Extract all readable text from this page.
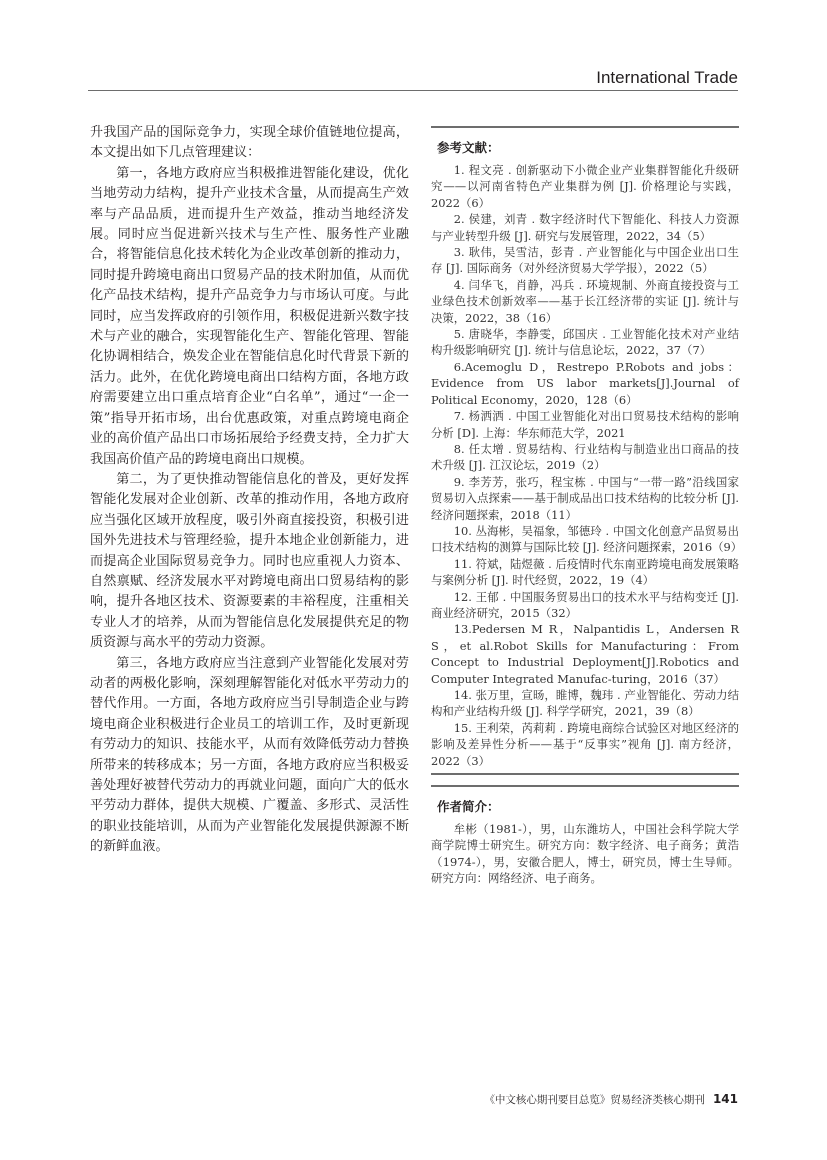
International Trade

升我国产品的国际竞争力，实现全球价值链地位提高，本文提出如下几点管理建议：

第一，各地方政府应当积极推进智能化建设，优化当地劳动力结构，提升产业技术含量，从而提高生产效率与产品品质，进而提升生产效益，推动当地经济发展。同时应当促进新兴技术与生产性、服务性产业融合，将智能信息化技术转化为企业改革创新的推动力，同时提升跨境电商出口贸易产品的技术附加值，从而优化产品技术结构，提升产品竞争力与市场认可度。与此同时，应当发挥政府的引领作用，积极促进新兴数字技术与产业的融合，实现智能化生产、智能化管理、智能化协调相结合，焕发企业在智能信息化时代背景下新的活力。此外，在优化跨境电商出口结构方面，各地方政府需要建立出口重点培育企业“白名单”，通过“一企一策”指导开拓市场，出台优惠政策，对重点跨境电商企业的高价值产品出口市场拓展给予经费支持，全力扩大我国高价值产品的跨境电商出口规模。

第二，为了更快推动智能信息化的普及，更好发挥智能化发展对企业创新、改革的推动作用，各地方政府应当强化区域开放程度，吸引外商直接投资，积极引进国外先进技术与管理经验，提升本地企业创新能力，进而提高企业国际贸易竞争力。同时也应重视人力资本、自然禀赋、经济发展水平对跨境电商出口贸易结构的影响，提升各地区技术、资源要素的丰裕程度，注重相关专业人才的培养，从而为智能信息化发展提供充足的物质资源与高水平的劳动力资源。

第三，各地方政府应当注意到产业智能化发展对劳动者的两极化影响，深刻理解智能化对低水平劳动力的替代作用。一方面，各地方政府应当引导制造企业与跨境电商企业积极进行企业员工的培训工作，及时更新现有劳动力的知识、技能水平，从而有效降低劳动力替换所带来的转移成本；另一方面，各地方政府应当积极妥善处理好被替代劳动力的再就业问题，面向广大的低水平劳动力群体，提供大规模、广覆盖、多形式、灵活性的职业技能培训，从而为产业智能化发展提供源源不断的新鲜血液。

参考文献：

1. 程文亮 . 创新驱动下小微企业产业集群智能化升级研究——以河南省特色产业集群为例 [J]. 价格理论与实践，2022（6）

2. 侯建，刘青 . 数字经济时代下智能化、科技人力资源与产业转型升级 [J]. 研究与发展管理，2022，34（5）

3. 耿伟，吴雪洁，彭青 . 产业智能化与中国企业出口生存 [J]. 国际商务（对外经济贸易大学学报），2022（5）

4. 闫华飞，肖静，冯兵 . 环境规制、外商直接投资与工业绿色技术创新效率——基于长江经济带的实证 [J]. 统计与决策，2022，38（16）

5. 唐晓华，李静雯，邱国庆 . 工业智能化技术对产业结构升级影响研究 [J]. 统计与信息论坛，2022，37（7）

6.Acemoglu D，Restrepo P.Robots and jobs：Evidence from US labor markets[J].Journal of Political Economy，2020，128（6）

7. 杨洒洒 . 中国工业智能化对出口贸易技术结构的影响分析 [D]. 上海：华东师范大学，2021

8. 任太增 . 贸易结构、行业结构与制造业出口商品的技术升级 [J]. 江汉论坛，2019（2）

9. 李芳芳，张巧，程宝栋 . 中国与“一带一路”沿线国家贸易切入点探索——基于制成品出口技术结构的比较分析 [J]. 经济问题探索，2018（11）

10. 丛海彬，吴福象，邹德玲 . 中国文化创意产品贸易出口技术结构的测算与国际比较 [J]. 经济问题探索，2016（9）

11. 符斌，陆煜薇 . 后疫情时代东南亚跨境电商发展策略与案例分析 [J]. 时代经贸，2022，19（4）

12. 王郁 . 中国服务贸易出口的技术水平与结构变迁 [J]. 商业经济研究，2015（32）

13.Pedersen M R，Nalpantidis L，Andersen R S，et al.Robot Skills for Manufacturing：From Concept to Industrial Deployment[J].Robotics and Computer Integrated Manufac-turing，2016（37）

14. 张万里，宣旸，睢博，魏玮 . 产业智能化、劳动力结构和产业结构升级 [J]. 科学学研究，2021，39（8）

15. 王利荣，芮莉莉 . 跨境电商综合试验区对地区经济的影响及差异性分析——基于“反事实”视角 [J]. 南方经济，2022（3）

作者简介：

牟彬（1981-），男，山东潍坊人，中国社会科学院大学商学院博士研究生。研究方向：数字经济、电子商务；黄浩（1974-），男，安徽合肥人，博士，研究员，博士生导师。研究方向：网络经济、电子商务。

《中文核心期刊要目总览》贸易经济类核心期刊 141
